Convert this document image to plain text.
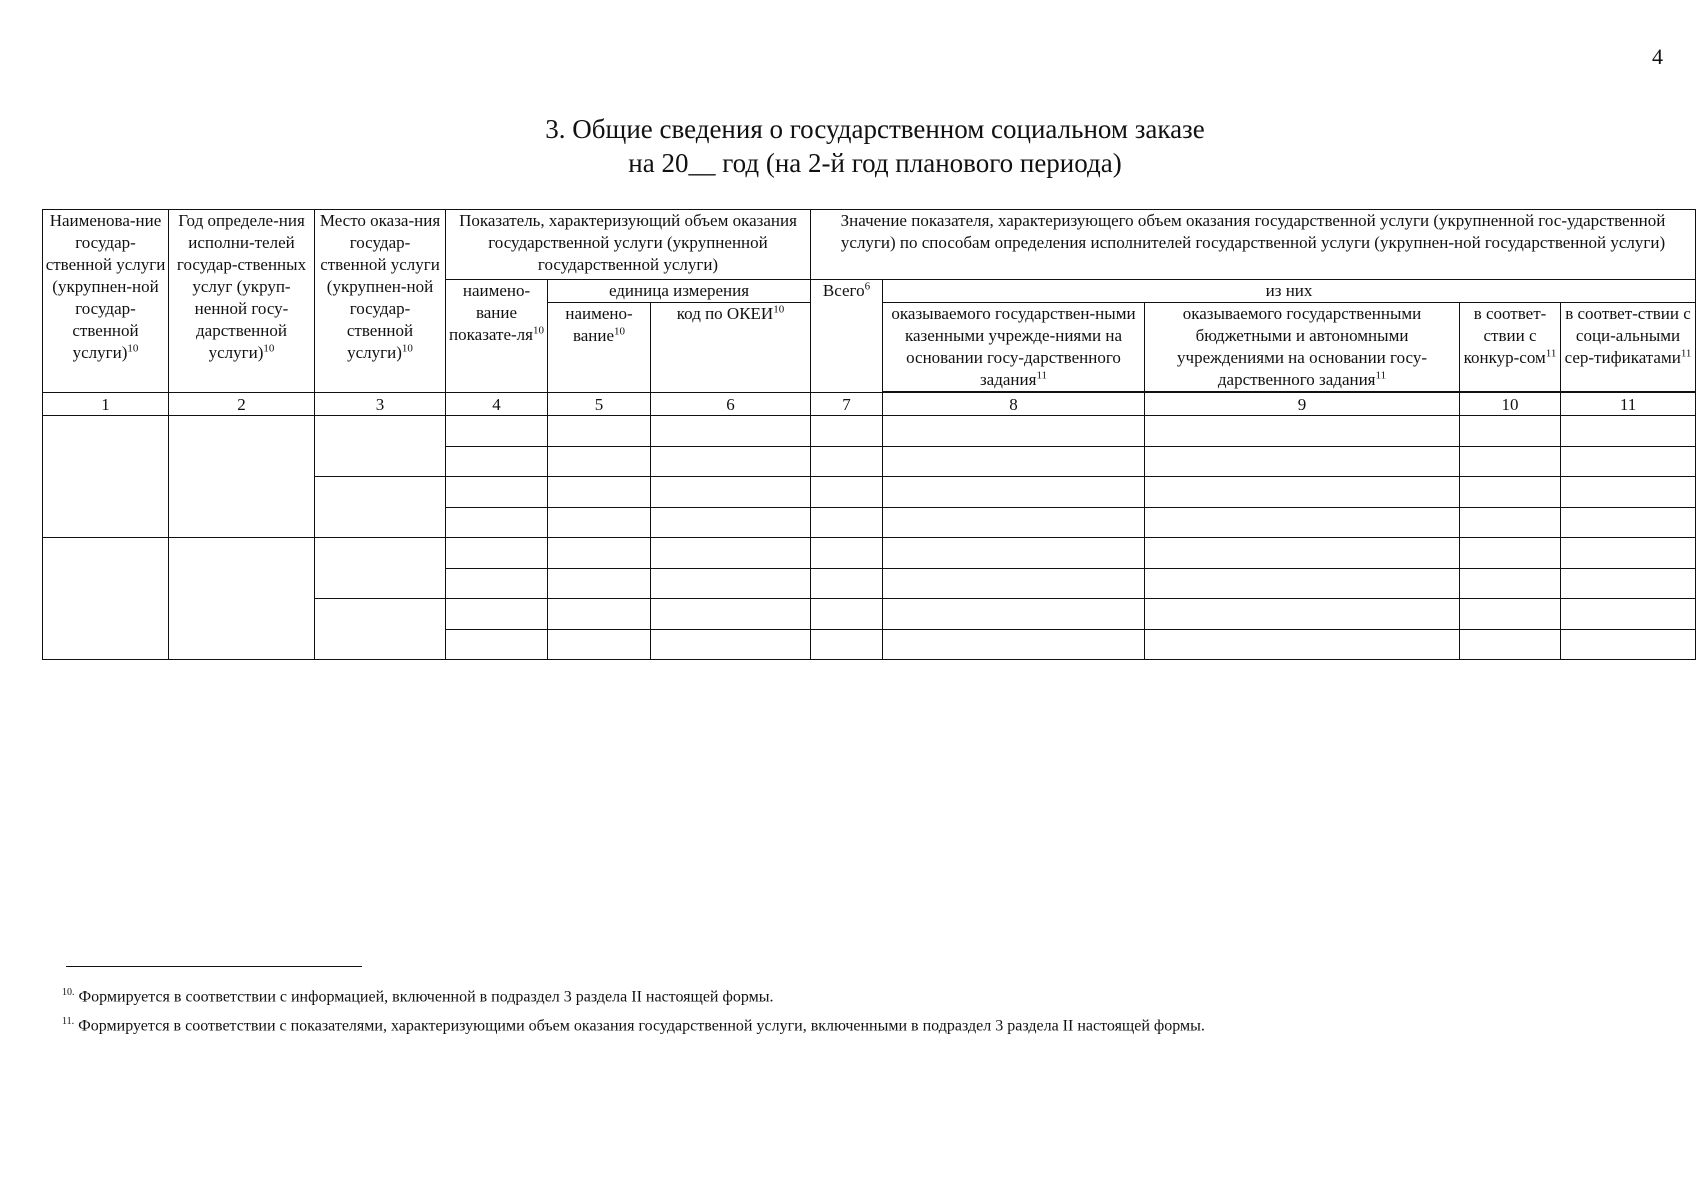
4
3. Общие сведения о государственном социальном заказе
на 20__ год (на 2-й год планового периода)
Наименова-ние государ-ственной услуги (укрупнен-ной государ-ственной услуги)$^{10}$	Год определе-ния исполни-телей государ-ственных услуг (укруп-ненной госу-дарственной услуги)$^{10}$	Место оказа-ния государ-ственной услуги (укрупнен-ной государ-ственной услуги)$^{10}$	Показатель, характеризующий объем оказания государственной услуги (укрупненной государственной услуги)			Значение показателя, характеризующего объем оказания государственной услуги (укрупненной гос-ударственной услуги) по способам определения исполнителей государственной услуги (укрупнен-ной государственной услуги)				
			наимено-вание показате-$ля^{10}$	единица измерения		Всего$^6$	из них			
				наимено-вание$^{10}$	код по ОКЕИ$^{10}$		оказываемого государствен-ными казенными учрежде-ниями на основании госу-дарственного задания$^{11}$	оказываемого государственными бюджетными и автономными учреждениями на основании госу-дарственного задания$^{11}$	в соответ-ствии с конкур-сом$^{11}$	в соответ-ствии с соци-альными сер-тификатами$^{11}$

1	2	3	4	5	6	7	8	9	10	11

$^{10.}$ Формируется в соответствии с информацией, включенной в подраздел 3 раздела II настоящей формы.
$^{11.}$ Формируется в соответствии с показателями, характеризующими объем оказания государственной услуги, включенными в подраздел 3 раздела II настоящей формы.
